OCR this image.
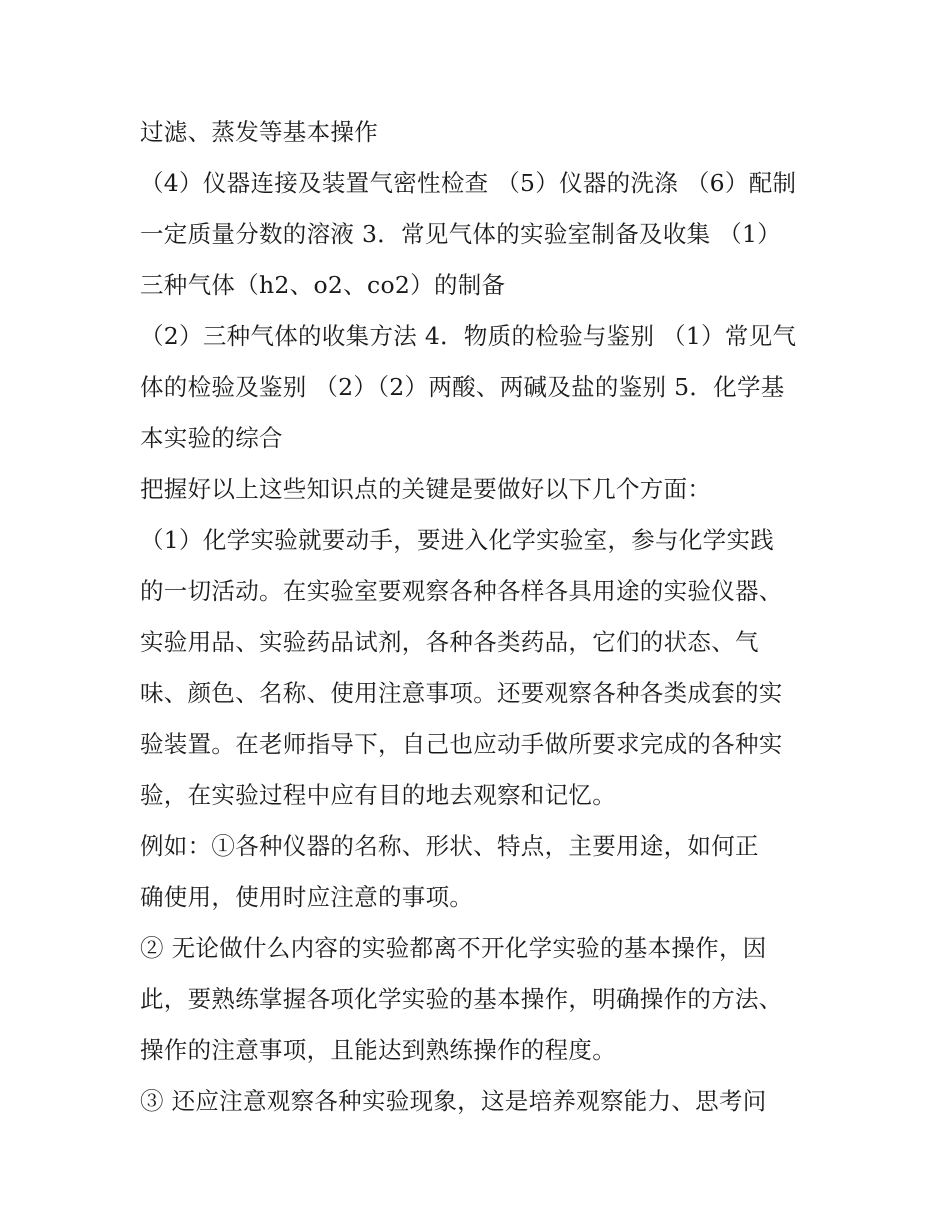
过滤、蒸发等基本操作
（4）仪器连接及装置气密性检查 （5）仪器的洗涤 （6）配制
一定质量分数的溶液 3．常见气体的实验室制备及收集 （1）
三种气体（h2、o2、co2）的制备
（2）三种气体的收集方法 4．物质的检验与鉴别 （1）常见气
体的检验及鉴别 （2）（2）两酸、两碱及盐的鉴别 5．化学基
本实验的综合
把握好以上这些知识点的关键是要做好以下几个方面：
（1）化学实验就要动手，要进入化学实验室，参与化学实践
的一切活动。在实验室要观察各种各样各具用途的实验仪器、
实验用品、实验药品试剂，各种各类药品，它们的状态、气
味、颜色、名称、使用注意事项。还要观察各种各类成套的实
验装置。在老师指导下，自己也应动手做所要求完成的各种实
验，在实验过程中应有目的地去观察和记忆。
例如：①各种仪器的名称、形状、特点，主要用途，如何正
确使用，使用时应注意的事项。
② 无论做什么内容的实验都离不开化学实验的基本操作，因
此，要熟练掌握各项化学实验的基本操作，明确操作的方法、
操作的注意事项，且能达到熟练操作的程度。
③ 还应注意观察各种实验现象，这是培养观察能力、思考问
